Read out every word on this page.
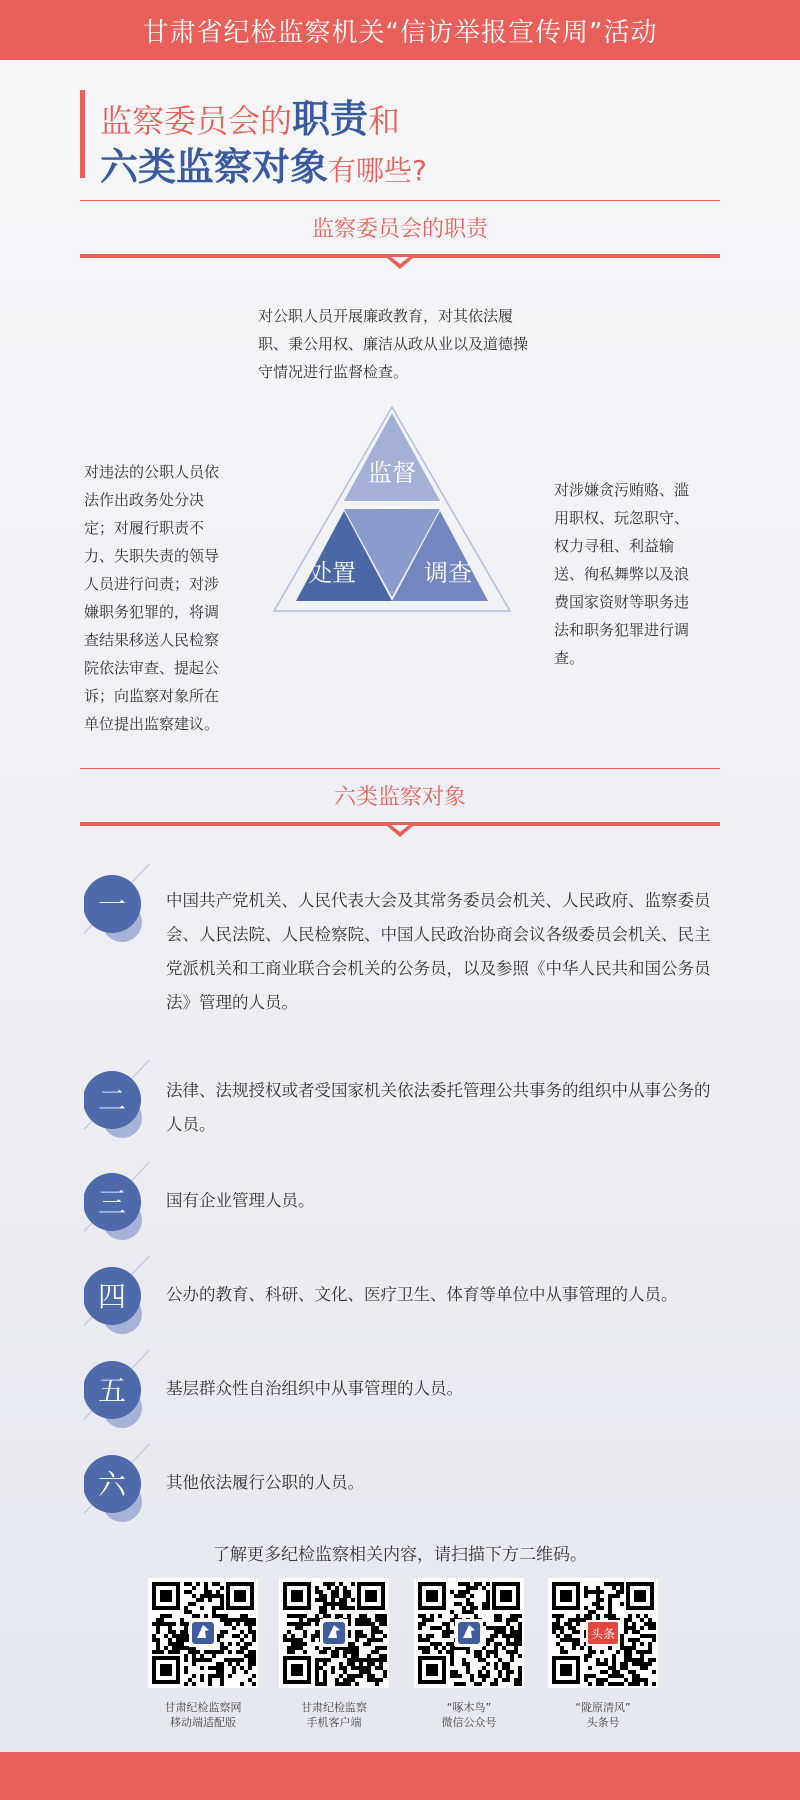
甘肃省纪检监察机关“信访举报宣传周”活动
监察委员会的职责和
六类监察对象有哪些?
监察委员会的职责
对公职人员开展廉政教育，对其依法履职、秉公用权、廉洁从政从业以及道德操守情况进行监督检查。
对违法的公职人员依法作出政务处分决定；对履行职责不力、失职失责的领导人员进行问责；对涉嫌职务犯罪的，将调查结果移送人民检察院依法审查、提起公诉；向监察对象所在单位提出监察建议。
对涉嫌贪污贿赂、滥用职权、玩忽职守、权力寻租、利益输送、徇私舞弊以及浪费国家资财等职务违法和职务犯罪进行调查。
监督
处置	调查
六类监察对象
一 中国共产党机关、人民代表大会及其常务委员会机关、人民政府、监察委员会、人民法院、人民检察院、中国人民政治协商会议各级委员会机关、民主党派机关和工商业联合会机关的公务员，以及参照《中华人民共和国公务员法》管理的人员。
二 法律、法规授权或者受国家机关依法委托管理公共事务的组织中从事公务的人员。
三 国有企业管理人员。
四 公办的教育、科研、文化、医疗卫生、体育等单位中从事管理的人员。
五 基层群众性自治组织中从事管理的人员。
六 其他依法履行公职的人员。
了解更多纪检监察相关内容，请扫描下方二维码。
甘肃纪检监察网
移动端适配版
甘肃纪检监察
手机客户端
“啄木鸟”
微信公众号
头条
“陇原清风”
头条号
